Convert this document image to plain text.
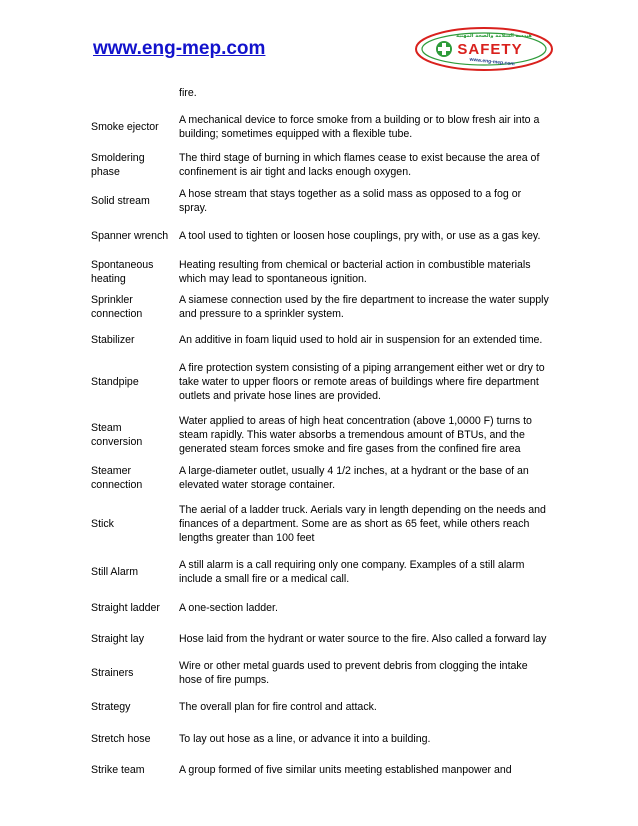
www.eng-mep.com
هندسة السلامة والصحة المهنية
SAFETY
www.eng-mep.com
	fire.
Smoke ejector	A mechanical device to force smoke from a building or to blow fresh air into a building; sometimes equipped with a flexible tube.
Smoldering phase	The third stage of burning in which flames cease to exist because the area of confinement is air tight and lacks enough oxygen.
Solid stream	A hose stream that stays together as a solid mass as opposed to a fog or spray.
Spanner wrench	A tool used to tighten or loosen hose couplings, pry with, or use as a gas key.
Spontaneous heating	Heating resulting from chemical or bacterial action in combustible materials which may lead to spontaneous ignition.
Sprinkler connection	A siamese connection used by the fire department to increase the water supply and pressure to a sprinkler system.
Stabilizer	An additive in foam liquid used to hold air in suspension for an extended time.
Standpipe	A fire protection system consisting of a piping arrangement either wet or dry to take water to upper floors or remote areas of buildings where fire department outlets and private hose lines are provided.
Steam conversion	Water applied to areas of high heat concentration (above 1,0000 F) turns to steam rapidly. This water absorbs a tremendous amount of BTUs, and the generated steam forces smoke and fire gases from the confined fire area
Steamer connection	A large-diameter outlet, usually 4 1/2 inches, at a hydrant or the base of an elevated water storage container.
Stick	The aerial of a ladder truck. Aerials vary in length depending on the needs and finances of a department. Some are as short as 65 feet, while others reach lengths greater than 100 feet
Still Alarm	A still alarm is a call requiring only one company. Examples of a still alarm include a small fire or a medical call.
Straight ladder	A one-section ladder.
Straight lay	Hose laid from the hydrant or water source to the fire. Also called a forward lay
Strainers	Wire or other metal guards used to prevent debris from clogging the intake hose of fire pumps.
Strategy	The overall plan for fire control and attack.
Stretch hose	To lay out hose as a line, or advance it into a building.
Strike team	A group formed of five similar units meeting established manpower and
